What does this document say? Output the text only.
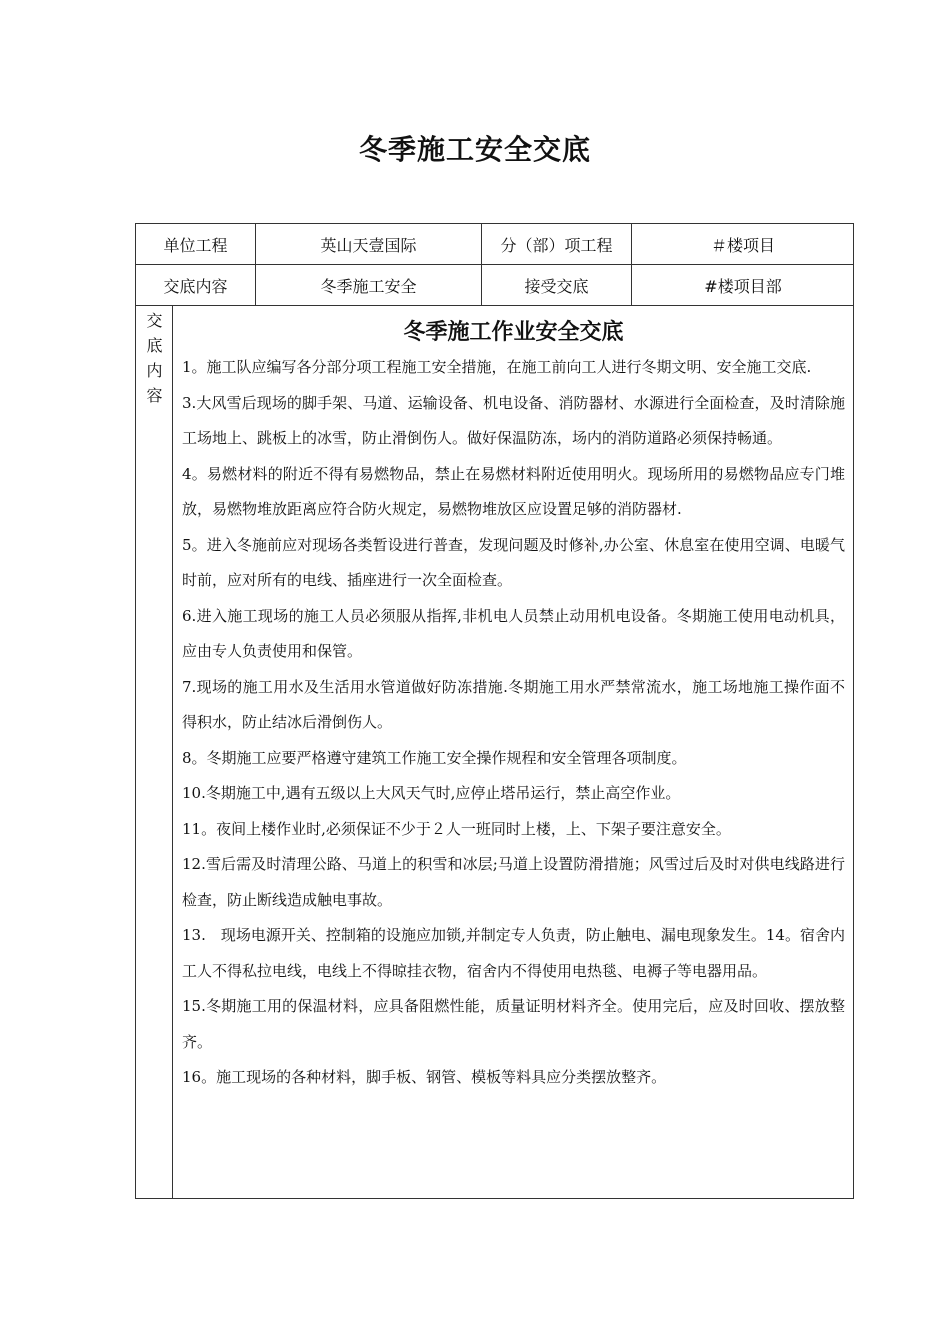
冬季施工安全交底
单位工程	英山天壹国际	分（部）项工程	＃楼项目
交底内容	冬季施工安全	接受交底	#楼项目部
交
底
内
容
冬季施工作业安全交底

1。施工队应编写各分部分项工程施工安全措施，在施工前向工人进行冬期文明、安全施工交底.

3.大风雪后现场的脚手架、马道、运输设备、机电设备、消防器材、水源进行全面检查，及时清除施工场地上、跳板上的冰雪，防止滑倒伤人。做好保温防冻，场内的消防道路必须保持畅通。

4。易燃材料的附近不得有易燃物品，禁止在易燃材料附近使用明火。现场所用的易燃物品应专门堆放，易燃物堆放距离应符合防火规定，易燃物堆放区应设置足够的消防器材.

5。进入冬施前应对现场各类暂设进行普查，发现问题及时修补,办公室、休息室在使用空调、电暖气时前，应对所有的电线、插座进行一次全面检查。

6.进入施工现场的施工人员必须服从指挥,非机电人员禁止动用机电设备。冬期施工使用电动机具，应由专人负责使用和保管。

7.现场的施工用水及生活用水管道做好防冻措施.冬期施工用水严禁常流水，施工场地施工操作面不得积水，防止结冰后滑倒伤人。

8。冬期施工应要严格遵守建筑工作施工安全操作规程和安全管理各项制度。

10.冬期施工中,遇有五级以上大风天气时,应停止塔吊运行，禁止高空作业。

11。夜间上楼作业时,必须保证不少于２人一班同时上楼，上、下架子要注意安全。

12.雪后需及时清理公路、马道上的积雪和冰层;马道上设置防滑措施；风雪过后及时对供电线路进行检查，防止断线造成触电事故。

13.　现场电源开关、控制箱的设施应加锁,并制定专人负责，防止触电、漏电现象发生。14。宿舍内工人不得私拉电线，电线上不得晾挂衣物，宿舍内不得使用电热毯、电褥子等电器用品。

15.冬期施工用的保温材料，应具备阻燃性能，质量证明材料齐全。使用完后，应及时回收、摆放整齐。

16。施工现场的各种材料，脚手板、钢管、模板等料具应分类摆放整齐。
